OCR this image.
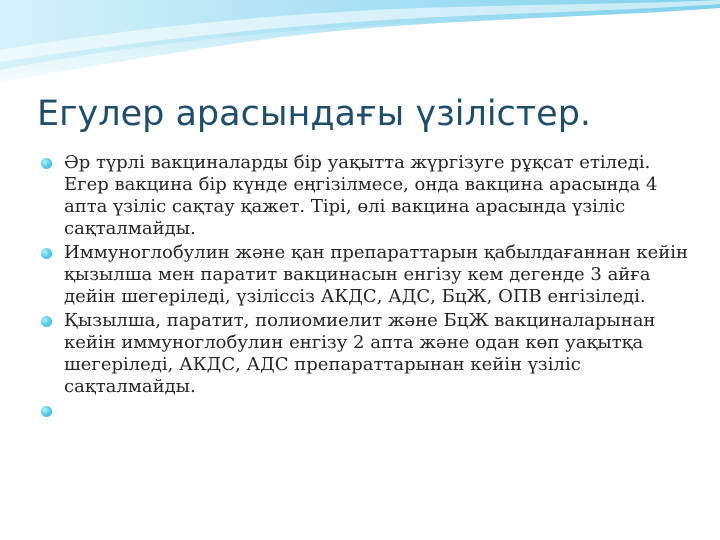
Егулер арасындағы үзілістер.
Әр түрлі вакциналарды бір уақытта жүргізуге рұқсат етіледі. Егер вакцина бір күнде еңгізілмесе, онда вакцина арасында 4 апта үзіліс сақтау қажет. Тірі, өлі вакцина арасында үзіліс сақталмайды.
Иммуноглобулин және қан препараттарын қабылдағаннан кейін қызылша мен паратит вакцинасын енгізу кем дегенде 3 айға дейін шегеріледі, үзіліссіз АКДС, АДС, БцЖ, ОПВ енгізіледі.
Қызылша, паратит, полиомиелит және БцЖ вакциналарынан кейін иммуноглобулин енгізу 2 апта және одан көп уақытқа шегеріледі, АКДС, АДС препараттарынан кейін үзіліс сақталмайды.
